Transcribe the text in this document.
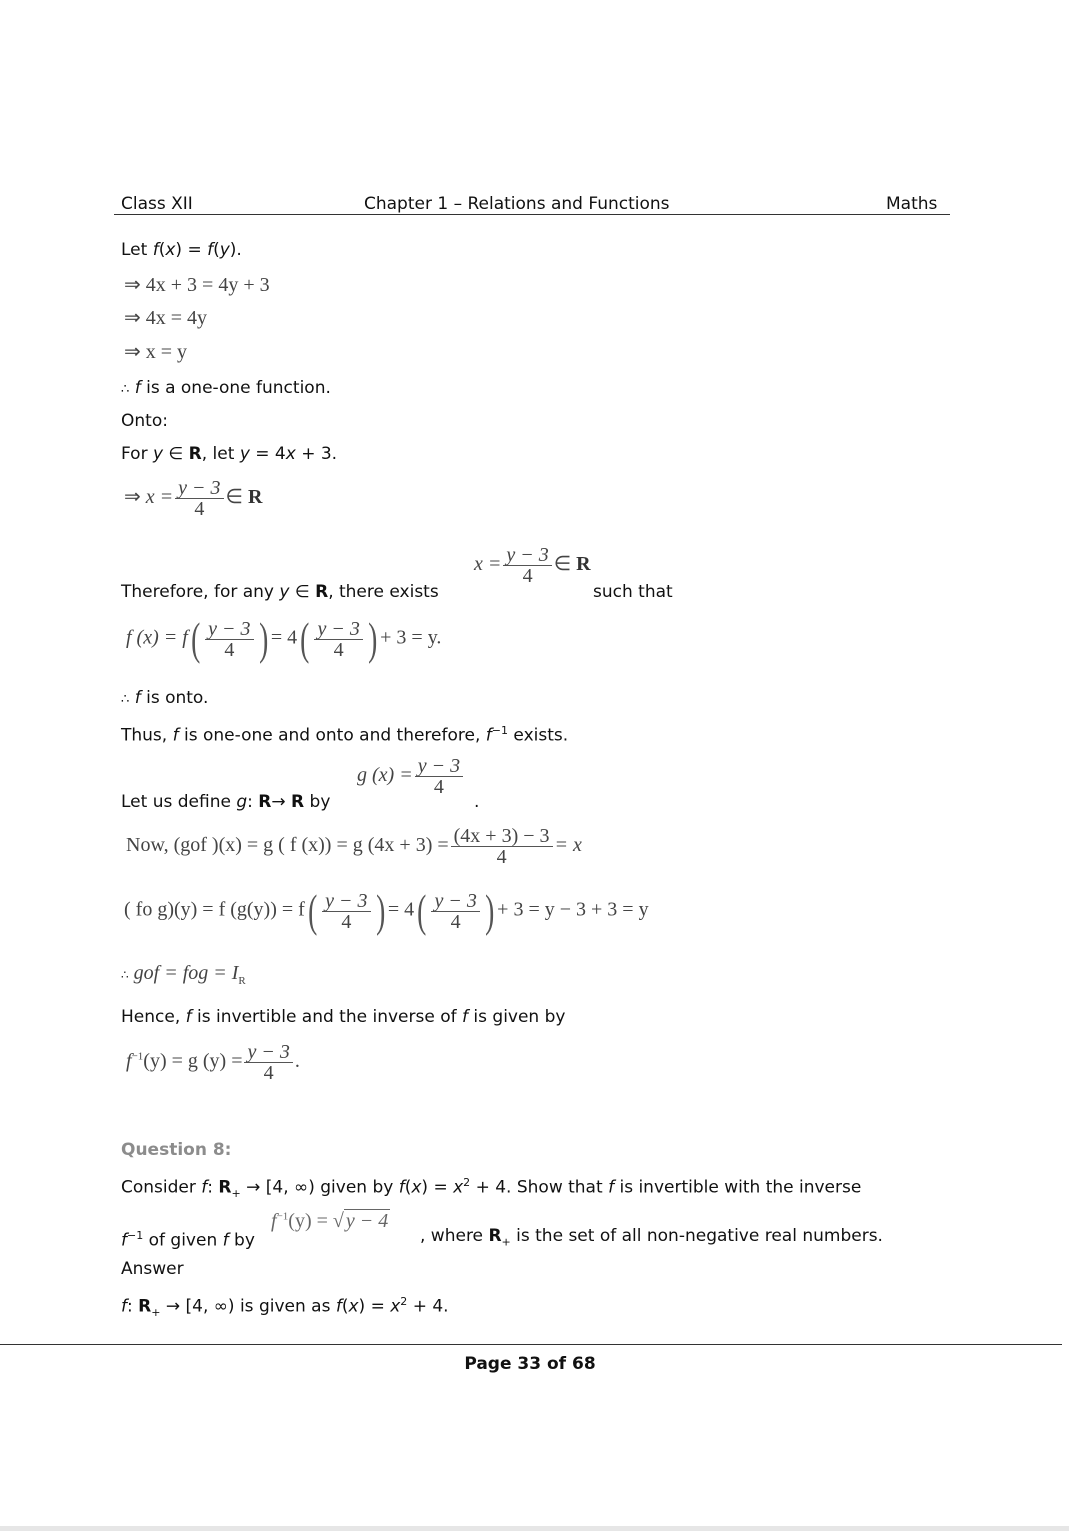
Class XII	Chapter 1 – Relations and Functions	Maths
Let f(x) = f(y).
⇒ 4x + 3 = 4y + 3
⇒ 4x = 4y
⇒ x = y
∴ f is a one-one function.
Onto:
For y ∈ R, let y = 4x + 3.
⇒ $x = \frac{y - 3}{4}$ ∈ R
Therefore, for any y ∈ R, there exists
$x = \frac{y - 3}{4}$ ∈ R
such that
f $(x) = f( \frac{y - 3}{4}$ ) = $4( \frac{y - 3}{4}$ ) + 3 = y.
∴ f is onto.
Thus, f is one-one and onto and therefore, $f^{-1}$ exists.
Let us define g: R→ R by
g $(x) = \frac{y - 3}{4}$
.
Now, (gof )(x) = g ( f (x)) = g $(4x + 3) = \frac{(4x + 3) - 3}{4} = x$
( fo g)(y) = f $(g(y)) = f( \frac{y - 3}{4}$ ) = $4( \frac{y - 3}{4}$ ) + 3 = y − 3 + 3 = y
∴ gof = fog = $I_R$
Hence, f is invertible and the inverse of f is given by
$f^{-1}(y) = g$ $(y) = \frac{y - 3}{4}$ .
Question 8:
Consider f: $R_+ \to [4$, ∞) given by $f(x) = x^2 + 4$. Show that f is invertible with the inverse
$f^{-1}$ of given f by
$f^{-1}(y)$ = √ y − 4
, where $R_+$ is the set of all non-negative real numbers.
Answer
f: $R_+ \to [4$, ∞) is given as $f(x) = x^2 + 4$.
Page 33 of 68
